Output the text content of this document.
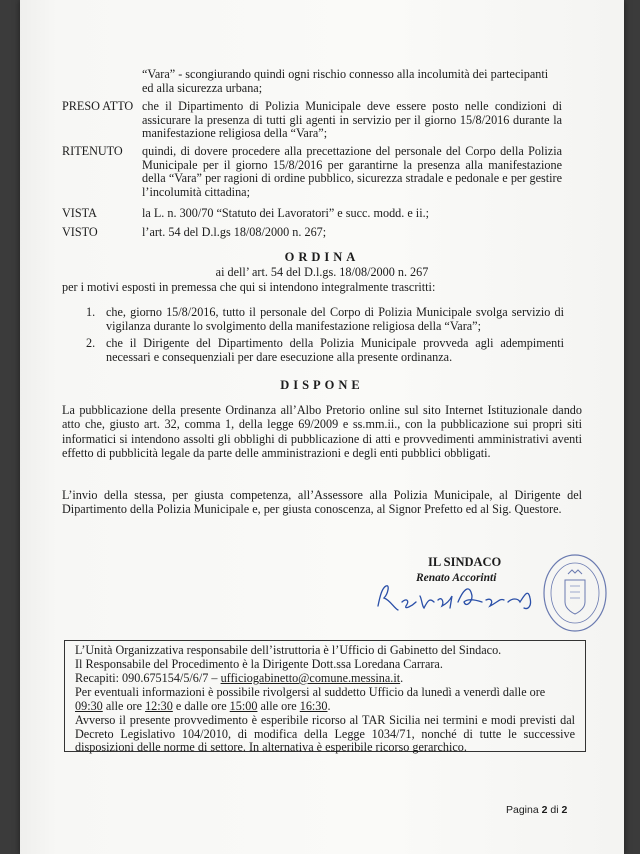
“Vara” - scongiurando quindi ogni rischio connesso alla incolumità dei partecipanti
ed alla sicurezza urbana;
PRESO ATTO che il Dipartimento di Polizia Municipale deve essere posto nelle condizioni di assicurare la presenza di tutti gli agenti in servizio per il giorno 15/8/2016 durante la manifestazione religiosa della “Vara”;
RITENUTO quindi, di dovere procedere alla precettazione del personale del Corpo della Polizia Municipale per il giorno 15/8/2016 per garantirne la presenza alla manifestazione della “Vara” per ragioni di ordine pubblico, sicurezza stradale e pedonale e per gestire l’incolumità cittadina;
VISTA	la L. n. 300/70 “Statuto dei Lavoratori” e succ. modd. e ii.;
VISTO	l’art. 54 del D.l.gs 18/08/2000 n. 267;
ORDINA
ai dell’ art. 54 del D.l.gs. 18/08/2000 n. 267
per i motivi esposti in premessa che qui si intendono integralmente trascritti:
1. che, giorno 15/8/2016, tutto il personale del Corpo di Polizia Municipale svolga servizio di vigilanza durante lo svolgimento della manifestazione religiosa della “Vara”;
2. che il Dirigente del Dipartimento della Polizia Municipale provveda agli adempimenti necessari e consequenziali per dare esecuzione alla presente ordinanza.
DISPONE
La pubblicazione della presente Ordinanza all’Albo Pretorio online sul sito Internet Istituzionale dando atto che, giusto art. 32, comma 1, della legge 69/2009 e ss.mm.ii., con la pubblicazione sui propri siti informatici si intendono assolti gli obblighi di pubblicazione di atti e provvedimenti amministrativi aventi effetto di pubblicità legale da parte delle amministrazioni e degli enti pubblici obbligati.
L’invio della stessa, per giusta competenza, all’Assessore alla Polizia Municipale, al Dirigente del Dipartimento della Polizia Municipale e, per giusta conoscenza, al Signor Prefetto ed al Sig. Questore.
IL SINDACO
Renato Accorinti
L’Unità Organizzativa responsabile dell’istruttoria è l’Ufficio di Gabinetto del Sindaco.
Il Responsabile del Procedimento è la Dirigente Dott.ssa Loredana Carrara.
Recapiti: 090.675154/5/6/7 – ufficiogabinetto@comune.messina.it.
Per eventuali informazioni è possibile rivolgersi al suddetto Ufficio da lunedì a venerdì dalle ore
09:30 alle ore 12:30 e dalle ore 15:00 alle ore 16:30.
Avverso il presente provvedimento è esperibile ricorso al TAR Sicilia nei termini e modi previsti dal Decreto Legislativo 104/2010, di modifica della Legge 1034/71, nonché di tutte le successive disposizioni delle norme di settore. In alternativa è esperibile ricorso gerarchico.
Pagina 2 di 2
